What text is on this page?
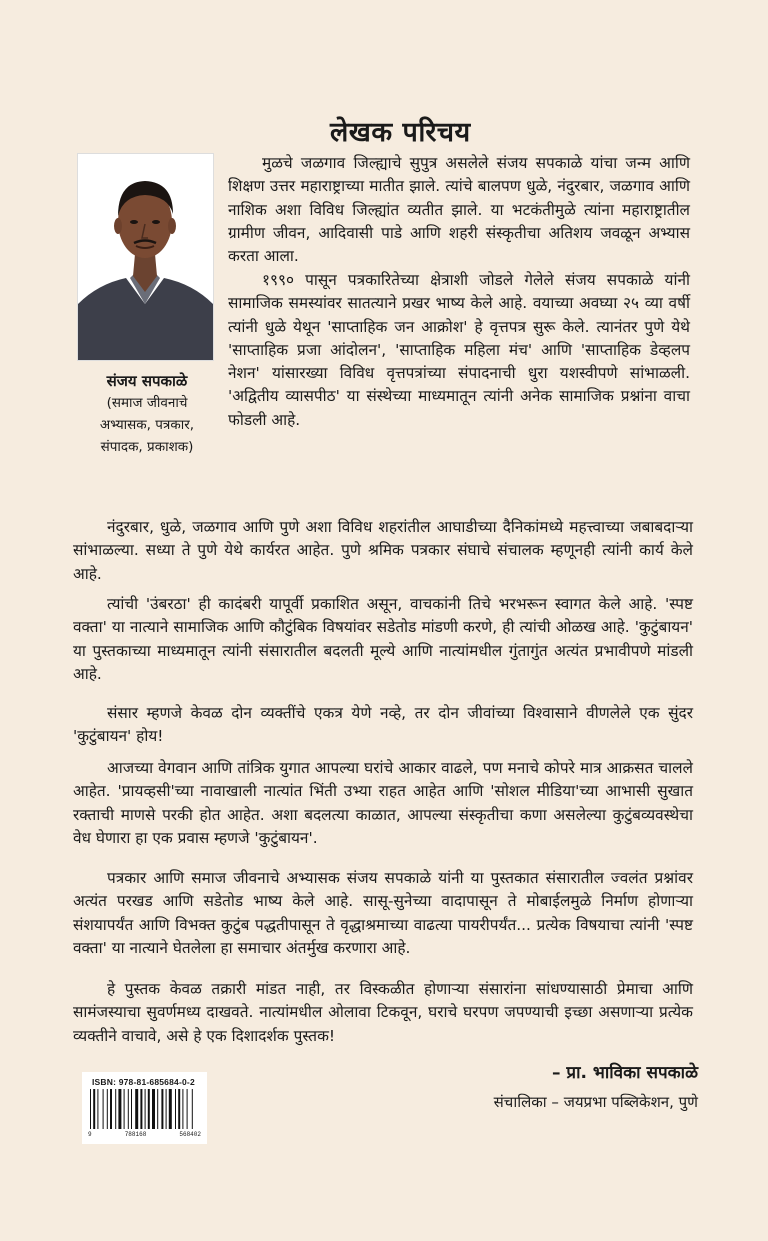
लेखक परिचय
संजय सपकाळे
(समाज जीवनाचे
अभ्यासक, पत्रकार,
संपादक, प्रकाशक)

मुळचे जळगाव जिल्ह्याचे सुपुत्र असलेले संजय सपकाळे यांचा जन्म आणि शिक्षण उत्तर महाराष्ट्राच्या मातीत झाले. त्यांचे बालपण धुळे, नंदुरबार, जळगाव आणि नाशिक अशा विविध जिल्ह्यांत व्यतीत झाले. या भटकंतीमुळे त्यांना महाराष्ट्रातील ग्रामीण जीवन, आदिवासी पाडे आणि शहरी संस्कृतीचा अतिशय जवळून अभ्यास करता आला.

१९९० पासून पत्रकारितेच्या क्षेत्राशी जोडले गेलेले संजय सपकाळे यांनी सामाजिक समस्यांवर सातत्याने प्रखर भाष्य केले आहे. वयाच्या अवघ्या २५ व्या वर्षी त्यांनी धुळे येथून 'साप्ताहिक जन आक्रोश' हे वृत्तपत्र सुरू केले. त्यानंतर पुणे येथे 'साप्ताहिक प्रजा आंदोलन', 'साप्ताहिक महिला मंच' आणि 'साप्ताहिक डेव्हलप नेशन' यांसारख्या विविध वृत्तपत्रांच्या संपादनाची धुरा यशस्वीपणे सांभाळली. 'अद्वितीय व्यासपीठ' या संस्थेच्या माध्यमातून त्यांनी अनेक सामाजिक प्रश्नांना वाचा फोडली आहे.

नंदुरबार, धुळे, जळगाव आणि पुणे अशा विविध शहरांतील आघाडीच्या दैनिकांमध्ये महत्त्वाच्या जबाबदाऱ्या सांभाळल्या. सध्या ते पुणे येथे कार्यरत आहेत. पुणे श्रमिक पत्रकार संघाचे संचालक म्हणूनही त्यांनी कार्य केले आहे.

त्यांची 'उंबरठा' ही कादंबरी यापूर्वी प्रकाशित असून, वाचकांनी तिचे भरभरून स्वागत केले आहे. 'स्पष्ट वक्ता' या नात्याने सामाजिक आणि कौटुंबिक विषयांवर सडेतोड मांडणी करणे, ही त्यांची ओळख आहे. 'कुटुंबायन' या पुस्तकाच्या माध्यमातून त्यांनी संसारातील बदलती मूल्ये आणि नात्यांमधील गुंतागुंत अत्यंत प्रभावीपणे मांडली आहे.

संसार म्हणजे केवळ दोन व्यक्तींचे एकत्र येणे नव्हे, तर दोन जीवांच्या विश्वासाने वीणलेले एक सुंदर 'कुटुंबायन' होय!

आजच्या वेगवान आणि तांत्रिक युगात आपल्या घरांचे आकार वाढले, पण मनाचे कोपरे मात्र आक्रसत चालले आहेत. 'प्रायव्हसी'च्या नावाखाली नात्यांत भिंती उभ्या राहत आहेत आणि 'सोशल मीडिया'च्या आभासी सुखात रक्ताची माणसे परकी होत आहेत. अशा बदलत्या काळात, आपल्या संस्कृतीचा कणा असलेल्या कुटुंबव्यवस्थेचा वेध घेणारा हा एक प्रवास म्हणजे 'कुटुंबायन'.

पत्रकार आणि समाज जीवनाचे अभ्यासक संजय सपकाळे यांनी या पुस्तकात संसारातील ज्वलंत प्रश्नांवर अत्यंत परखड आणि सडेतोड भाष्य केले आहे. सासू-सुनेच्या वादापासून ते मोबाईलमुळे निर्माण होणाऱ्या संशयापर्यंत आणि विभक्त कुटुंब पद्धतीपासून ते वृद्धाश्रमाच्या वाढत्या पायरीपर्यंत... प्रत्येक विषयाचा त्यांनी 'स्पष्ट वक्ता' या नात्याने घेतलेला हा समाचार अंतर्मुख करणारा आहे.

हे पुस्तक केवळ तक्रारी मांडत नाही, तर विस्कळीत होणाऱ्या संसारांना सांधण्यासाठी प्रेमाचा आणि सामंजस्याचा सुवर्णमध्य दाखवते. नात्यांमधील ओलावा टिकवून, घराचे घरपण जपण्याची इच्छा असणाऱ्या प्रत्येक व्यक्तीने वाचावे, असे हे एक दिशादर्शक पुस्तक!

– प्रा. भाविका सपकाळे
संचालिका – जयप्रभा पब्लिकेशन, पुणे
ISBN: 978-81-685684-0-2
9	788168	568402
